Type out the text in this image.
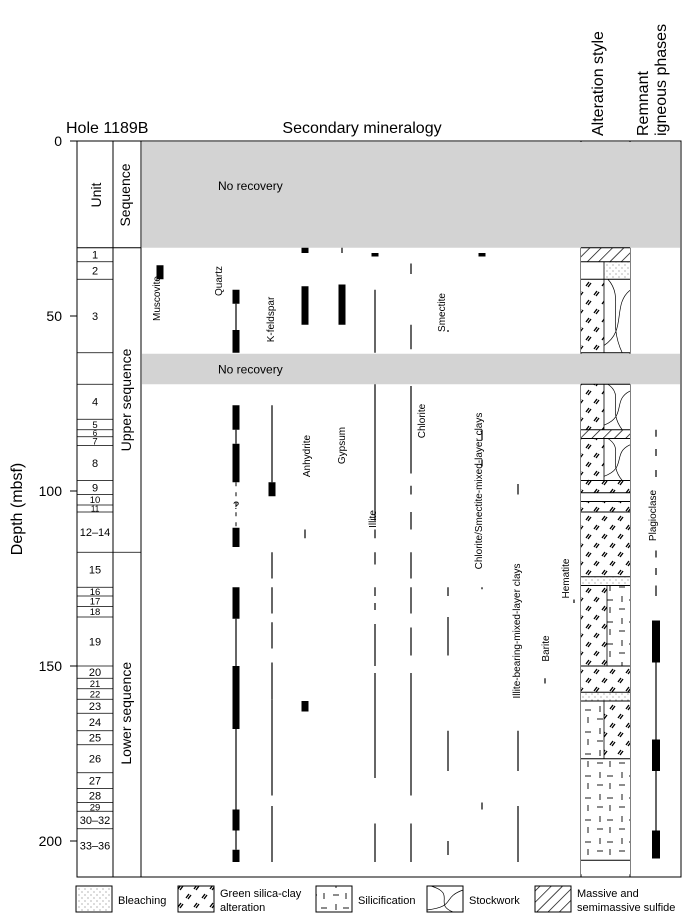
Hole 1189B	Secondary mineralogy	Alteration style Remnant igneous phases
Depth (mbsf)
0
50
100
150
200
Unit Sequence
1
2
3
4
5
6
7
8
9
10
11
12–14
15
16
17
18
19
20
21
22
23
24
25
26
27
28
29
30–32
33–36
Upper sequence
Lower sequence
No recovery
No recovery
Muscovite	Quartz
K-feldspar
Anhydrite Gypsum
Illite
Chlorite
Smectite
Chlorite/Smectite-mixed-layer clays
Illite-bearing-mixed-layer clays Barite
Hematite
?	Plagioclase
Bleaching
Green silica-clay
alteration
Silicification	Stockwork
Massive and
semimassive sulfide
